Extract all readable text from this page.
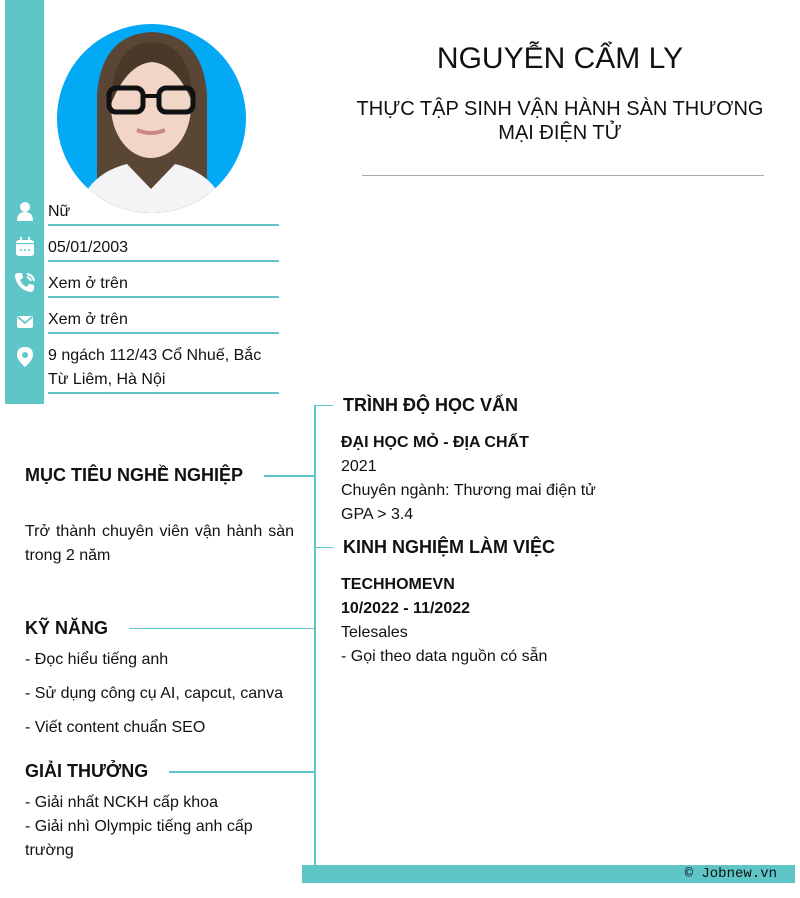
Nữ
05/01/2003
Xem ở trên
Xem ở trên
9 ngách 112/43 Cổ Nhuế, Bắc Từ Liêm, Hà Nội
NGUYỄN CẨM LY
THỰC TẬP SINH VẬN HÀNH SÀN THƯƠNG MẠI ĐIỆN TỬ
MỤC TIÊU NGHỀ NGHIỆP
Trở thành chuyên viên vận hành sàn trong 2 năm
KỸ NĂNG
- Đọc hiểu tiếng anh
- Sử dụng công cụ AI, capcut, canva
- Viết content chuẩn SEO
GIẢI THƯỞNG
- Giải nhất NCKH cấp khoa
- Giải nhì Olympic tiếng anh cấp trường
TRÌNH ĐỘ HỌC VẤN
ĐẠI HỌC MỎ - ĐỊA CHẤT
2021
Chuyên ngành: Thương mai điện tử
GPA > 3.4
KINH NGHIỆM LÀM VIỆC
TECHHOMEVN
10/2022 - 11/2022
Telesales
- Gọi theo data nguồn có sẵn
© Jobnew.vn
